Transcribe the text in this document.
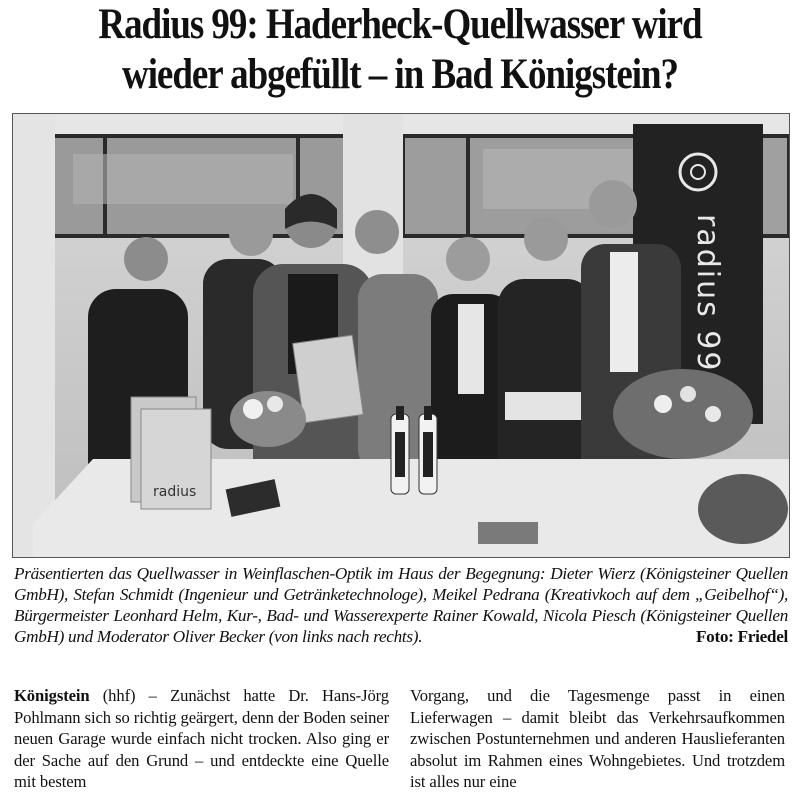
Radius 99: Haderheck-Quellwasser wird
wieder abgefüllt – in Bad Königstein?
radius 99
radius
Präsentierten das Quellwasser in Weinflaschen-Optik im Haus der Begegnung: Dieter Wierz (Königsteiner Quellen GmbH), Stefan Schmidt (Ingenieur und Getränketechnologe), Meikel Pedrana (Kreativkoch auf dem „Geibelhof“), Bürgermeister Leonhard Helm, Kur-, Bad- und Wasserexperte Rainer Kowald, Nicola Piesch (Königsteiner Quellen GmbH) und Moderator Oliver Becker (von links nach rechts).	Foto: Friedel
Königstein (hhf) – Zunächst hatte Dr. Hans-Jörg Pohlmann sich so richtig geärgert, denn der Boden seiner neuen Garage wurde einfach nicht trocken. Also ging er der Sache auf den Grund – und entdeckte eine Quelle mit bestem
Vorgang, und die Tagesmenge passt in einen Lieferwagen – damit bleibt das Verkehrsaufkommen zwischen Postunternehmen und anderen Hauslieferanten absolut im Rahmen eines Wohngebietes. Und trotzdem ist alles nur eine
